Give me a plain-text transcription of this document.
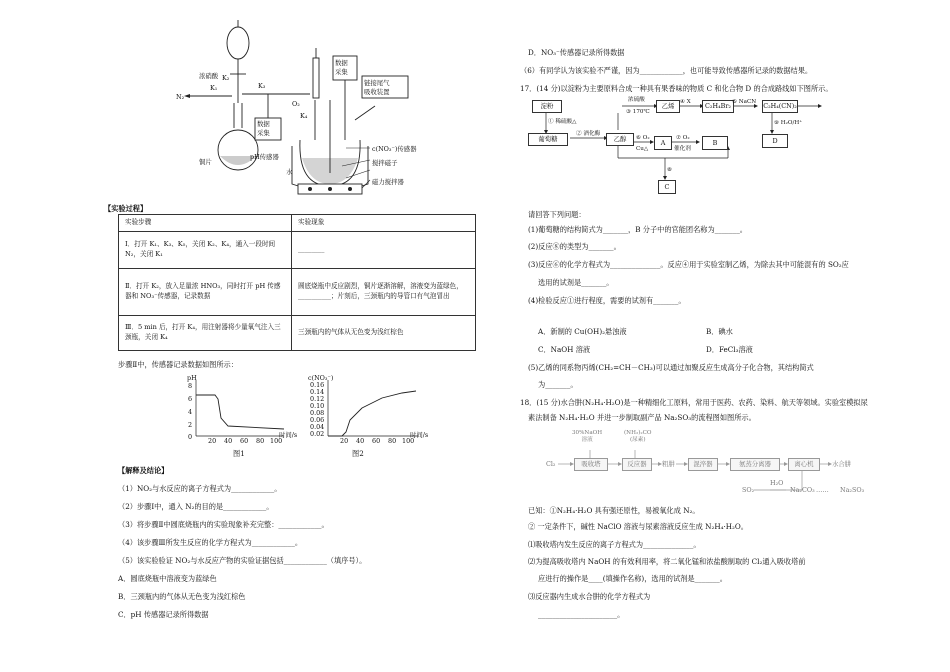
浓硝酸 K₂
K₁
N₂
K₃
O₂
K₄
数据
采集
数据
采集
链接尾气
吸收装置
铜片
pH传感器
c(NO₃⁻)传感器
水
搅拌磁子
磁力搅拌器
【实验过程】
实验步骤	实验现象
Ⅰ．打开 K₁、K₃、K₅，关闭 K₂、K₄，通入一段时间 N₂，关闭 K₁	________
Ⅱ．打开 K₂，放入足量浓 HNO₃，同时打开 pH 传感器和 NO₃⁻传感器，记录数据	圆底烧瓶中反应剧烈，铜片逐渐溶解，溶液变为蓝绿色，__________；片刻后，三颈瓶内的导管口有气泡冒出
Ⅲ．5 min 后，打开 K₄，用注射器将少量氧气注入三颈瓶，关闭 K₄	三颈瓶内的气体从无色变为浅红棕色
步骤Ⅱ中，传感器记录数据如图所示：
pH
8
6
4
2
0 20 40 60 80 100
时间/s
图1
c(NO₃⁻)
0.16
0.14
0.12
0.10
0.08
0.06
0.04
0.02
20 40 60 80 100
时间/s
图2
【解释及结论】
（1）NO₂与水反应的离子方程式为____________。
（2）步骤Ⅰ中，通入 N₂的目的是____________。
（3）将步骤Ⅱ中圆底烧瓶内的实验现象补充完整：____________。
（4）该步骤Ⅲ所发生反应的化学方程式为____________。
（5）该实验验证 NO₂与水反应产物的实验证据包括____________（填序号）。
A．圆底烧瓶中溶液变为蓝绿色
B．三颈瓶内的气体从无色变为浅红棕色
C．pH 传感器记录所得数据
D．NO₃⁻传感器记录所得数据
（6）有同学认为该实验不严谨，因为____________，也可能导致传感器所记录的数据结果。
17．(14 分)以淀粉为主要原料合成一种具有果香味的物质 C 和化合物 D 的合成路线如下图所示。
淀粉
葡萄糖	乙醇
乙烯	C₂H₄Br₂	C₂H₄(CN)₂
D
A	B
C
① 稀硫酸△
② 酒化酶
浓硫酸
③ 170℃
④ X	⑤ NaCN
⑨ H₂O/H⁺
⑥ O₂
Cu△
⑦ O₂
催化剂
⑧
请回答下列问题：
(1)葡萄糖的结构简式为_______，B 分子中的官能团名称为_______。
(2)反应⑧的类型为_______。
(3)反应⑥的化学方程式为______________。反应④用于实验室制乙烯，为除去其中可能混有的 SO₂应
选用的试剂是_______。
(4)检验反应①进行程度，需要的试剂有_______。
A．新制的 Cu(OH)₂悬浊液	B．碘水
C．NaOH 溶液	D．FeCl₃溶液
(5)乙烯的同系物丙烯(CH₂=CH－CH₃)可以通过加聚反应生成高分子化合物，其结构简式
为_______。
18．(15 分)水合肼(N₂H₄·H₂O)是一种精细化工原料，常用于医药、农药、染料、航天等领域。实验室模拟尿
素法制备 N₂H₄·H₂O 并进一步制取副产品 Na₂SO₃的流程图如图所示。
30%NaOH
溶液
(NH₂)₂CO
(尿素)
Cl₂	吸收塔	反应器	粗肼	混淬器	氨蒸分离器	离心机	水合肼
SO₂
H₂O
Na₂CO₃ …… Na₂SO₃
已知：①N₂H₄·H₂O 具有强还原性，易被氧化成 N₂。
② 一定条件下，碱性 NaClO 溶液与尿素溶液反应生成 N₂H₄·H₂O。
⑴吸收塔内发生反应的离子方程式为______________。
⑵为提高吸收塔内 NaOH 的有效利用率，将二氧化锰和浓盐酸制取的 Cl₂通入吸收塔前
应进行的操作是____(填操作名称)，选用的试剂是_______。
⑶反应器内生成水合肼的化学方程式为
______________________。
